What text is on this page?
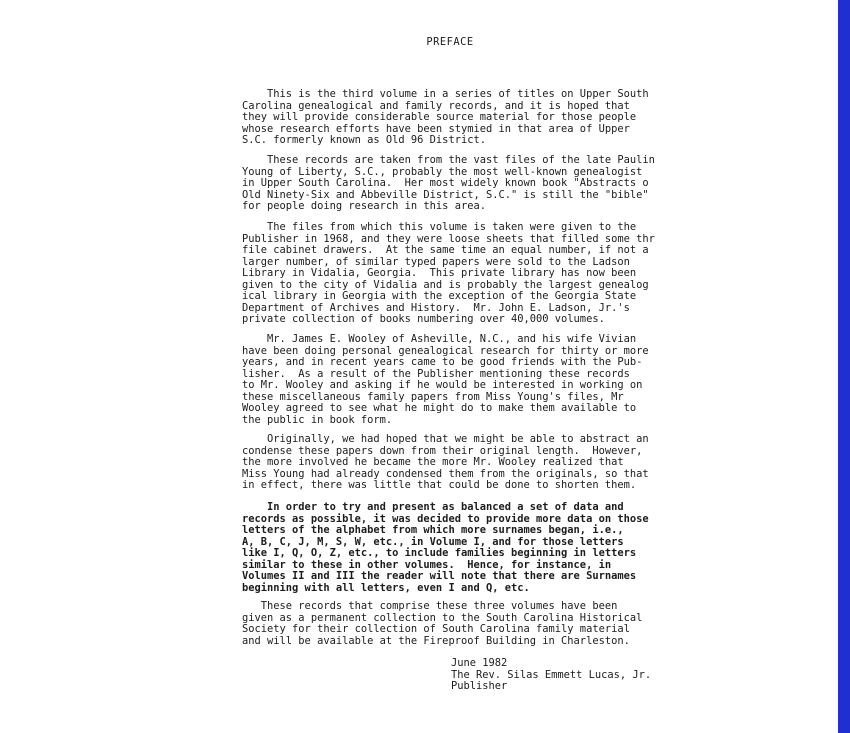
PREFACE

This is the third volume in a series of titles on Upper South
Carolina genealogical and family records, and it is hoped that
they will provide considerable source material for those people
whose research efforts have been stymied in that area of Upper
S.C. formerly known as Old 96 District.

These records are taken from the vast files of the late Paulin
Young of Liberty, S.C., probably the most well-known genealogist
in Upper South Carolina.  Her most widely known book "Abstracts o
Old Ninety-Six and Abbeville District, S.C." is still the "bible"
for people doing research in this area.

The files from which this volume is taken were given to the
Publisher in 1968, and they were loose sheets that filled some thr
file cabinet drawers.  At the same time an equal number, if not a
larger number, of similar typed papers were sold to the Ladson
Library in Vidalia, Georgia.  This private library has now been
given to the city of Vidalia and is probably the largest genealog
ical library in Georgia with the exception of the Georgia State
Department of Archives and History.  Mr. John E. Ladson, Jr.'s
private collection of books numbering over 40,000 volumes.

Mr. James E. Wooley of Asheville, N.C., and his wife Vivian
have been doing personal genealogical research for thirty or more
years, and in recent years came to be good friends with the Pub-
lisher.  As a result of the Publisher mentioning these records
to Mr. Wooley and asking if he would be interested in working on
these miscellaneous family papers from Miss Young's files, Mr
Wooley agreed to see what he might do to make them available to
the public in book form.

Originally, we had hoped that we might be able to abstract an
condense these papers down from their original length.  However,
the more involved he became the more Mr. Wooley realized that
Miss Young had already condensed them from the originals, so that
in effect, there was little that could be done to shorten them.

In order to try and present as balanced a set of data and
records as possible, it was decided to provide more data on those
letters of the alphabet from which more surnames began, i.e.,
A, B, C, J, M, S, W, etc., in Volume I, and for those letters
like I, Q, O, Z, etc., to include families beginning in letters
similar to these in other volumes.  Hence, for instance, in
Volumes II and III the reader will note that there are Surnames
beginning with all letters, even I and Q, etc.

These records that comprise these three volumes have been
given as a permanent collection to the South Carolina Historical
Society for their collection of South Carolina family material
and will be available at the Fireproof Building in Charleston.

June 1982
The Rev. Silas Emmett Lucas, Jr.
Publisher
